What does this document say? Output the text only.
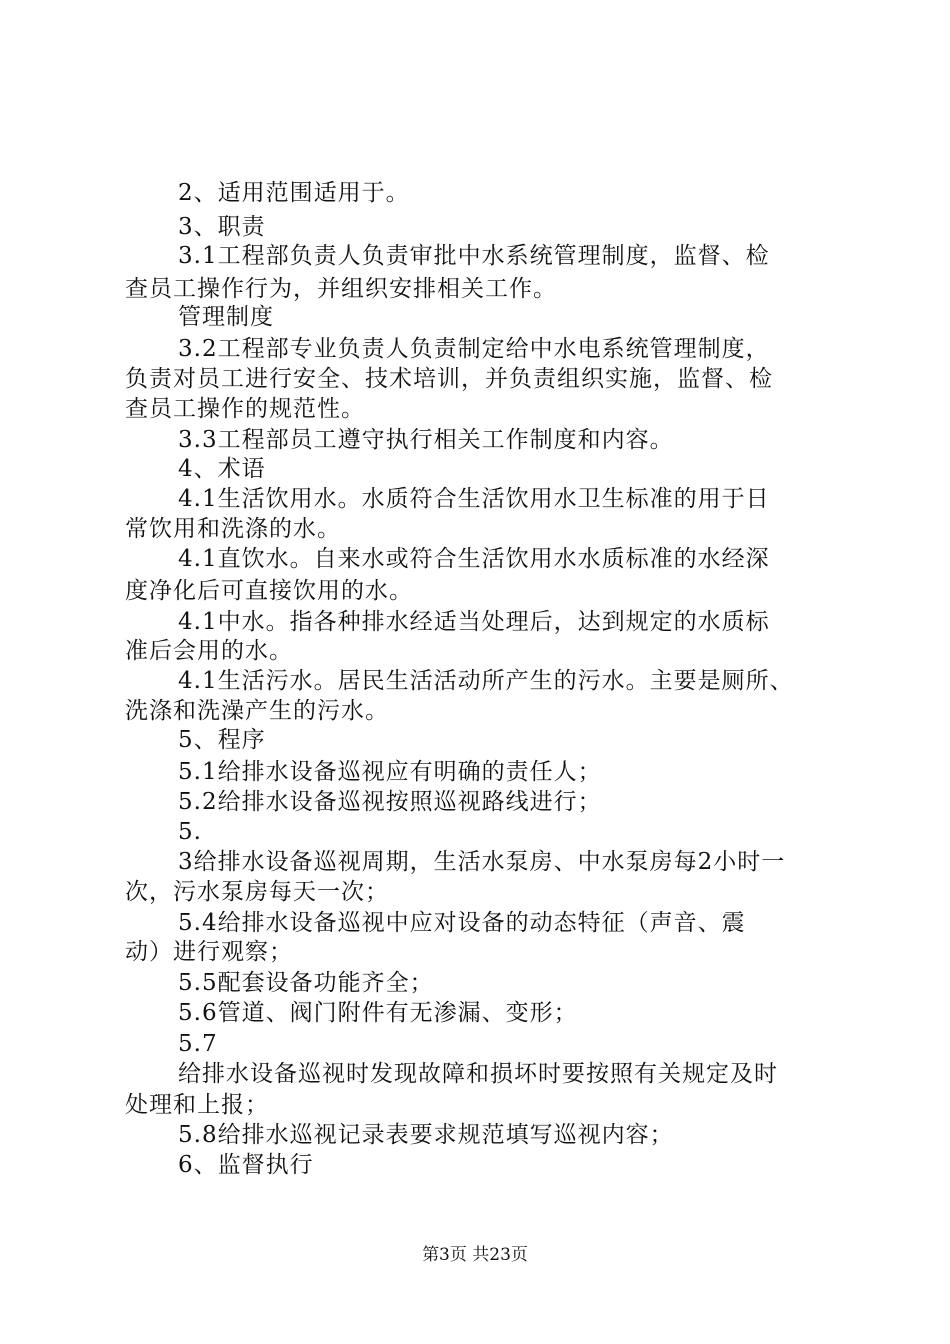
2、适用范围适用于。
3、职责
3.1工程部负责人负责审批中水系统管理制度，监督、检
查员工操作行为，并组织安排相关工作。
管理制度
3.2工程部专业负责人负责制定给中水电系统管理制度，
负责对员工进行安全、技术培训，并负责组织实施，监督、检
查员工操作的规范性。
3.3工程部员工遵守执行相关工作制度和内容。
4、术语
4.1生活饮用水。水质符合生活饮用水卫生标准的用于日
常饮用和洗涤的水。
4.1直饮水。自来水或符合生活饮用水水质标准的水经深
度净化后可直接饮用的水。
4.1中水。指各种排水经适当处理后，达到规定的水质标
准后会用的水。
4.1生活污水。居民生活活动所产生的污水。主要是厕所、
洗涤和洗澡产生的污水。
5、程序
5.1给排水设备巡视应有明确的责任人；
5.2给排水设备巡视按照巡视路线进行；
5.
3给排水设备巡视周期，生活水泵房、中水泵房每2小时一
次，污水泵房每天一次；
5.4给排水设备巡视中应对设备的动态特征（声音、震
动）进行观察；
5.5配套设备功能齐全；
5.6管道、阀门附件有无渗漏、变形；
5.7
给排水设备巡视时发现故障和损坏时要按照有关规定及时
处理和上报；
5.8给排水巡视记录表要求规范填写巡视内容；
6、监督执行
第3页 共23页
